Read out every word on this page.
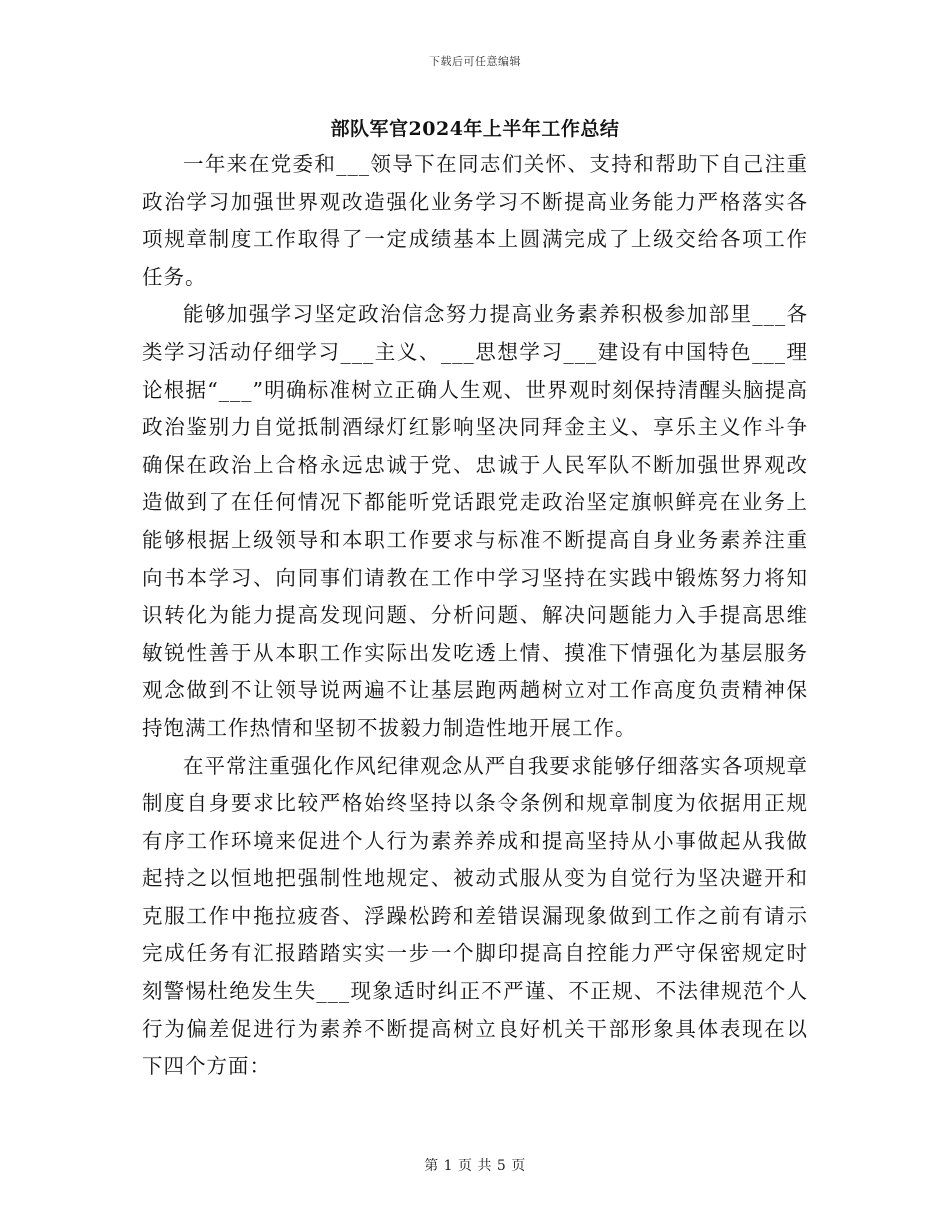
下载后可任意编辑
部队军官2024年上半年工作总结

一年来在党委和___领导下在同志们关怀、支持和帮助下自己注重政治学习加强世界观改造强化业务学习不断提高业务能力严格落实各项规章制度工作取得了一定成绩基本上圆满完成了上级交给各项工作任务。

能够加强学习坚定政治信念努力提高业务素养积极参加部里___各类学习活动仔细学习___主义、___思想学习___建设有中国特色___理论根据“___”明确标准树立正确人生观、世界观时刻保持清醒头脑提高政治鉴别力自觉抵制酒绿灯红影响坚决同拜金主义、享乐主义作斗争确保在政治上合格永远忠诚于党、忠诚于人民军队不断加强世界观改造做到了在任何情况下都能听党话跟党走政治坚定旗帜鲜亮在业务上能够根据上级领导和本职工作要求与标准不断提高自身业务素养注重向书本学习、向同事们请教在工作中学习坚持在实践中锻炼努力将知识转化为能力提高发现问题、分析问题、解决问题能力入手提高思维敏锐性善于从本职工作实际出发吃透上情、摸准下情强化为基层服务观念做到不让领导说两遍不让基层跑两趟树立对工作高度负责精神保持饱满工作热情和坚韧不拔毅力制造性地开展工作。

在平常注重强化作风纪律观念从严自我要求能够仔细落实各项规章制度自身要求比较严格始终坚持以条令条例和规章制度为依据用正规有序工作环境来促进个人行为素养养成和提高坚持从小事做起从我做起持之以恒地把强制性地规定、被动式服从变为自觉行为坚决避开和克服工作中拖拉疲沓、浮躁松跨和差错误漏现象做到工作之前有请示完成任务有汇报踏踏实实一步一个脚印提高自控能力严守保密规定时刻警惕杜绝发生失___现象适时纠正不严谨、不正规、不法律规范个人行为偏差促进行为素养不断提高树立良好机关干部形象具体表现在以下四个方面：

第 1 页 共 5 页
